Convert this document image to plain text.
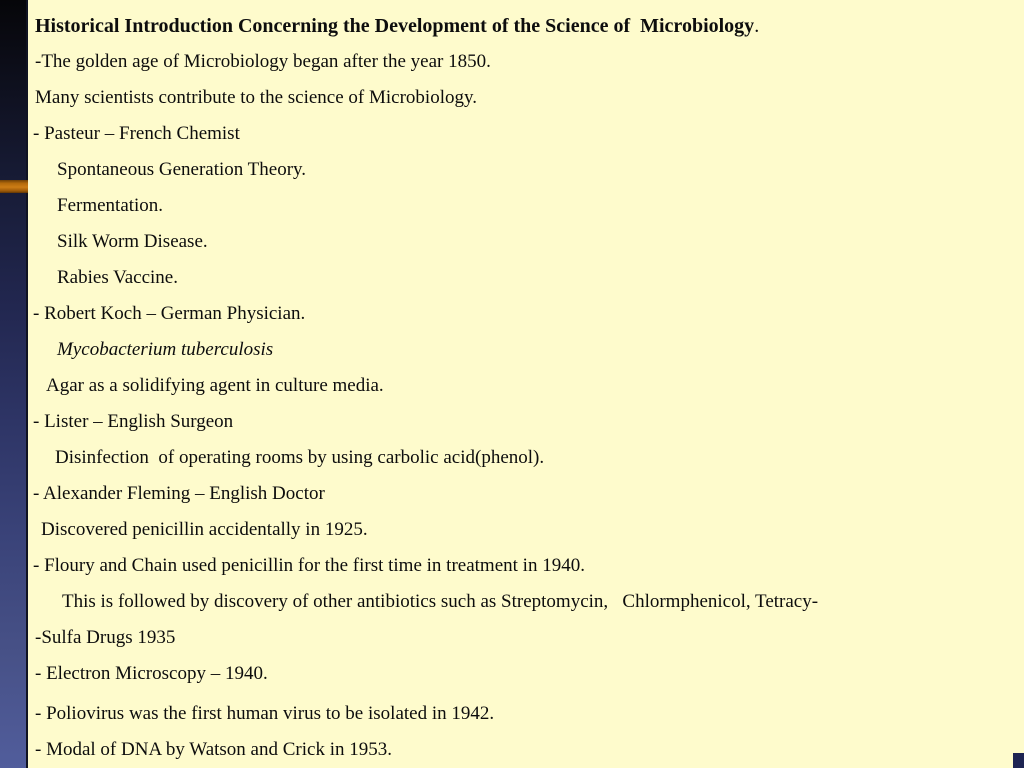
Historical Introduction Concerning the Development of the Science of  Microbiology.
-The golden age of Microbiology began after the year 1850.
Many scientists contribute to the science of Microbiology.
- Pasteur – French Chemist
Spontaneous Generation Theory.
Fermentation.
Silk Worm Disease.
Rabies Vaccine.
- Robert Koch – German Physician.
Mycobacterium tuberculosis
Agar as a solidifying agent in culture media.
- Lister – English Surgeon
Disinfection  of operating rooms by using carbolic acid(phenol).
- Alexander Fleming – English Doctor
Discovered penicillin accidentally in 1925.
- Floury and Chain used penicillin for the first time in treatment in 1940.
This is followed by discovery of other antibiotics such as Streptomycin,   Chlormphenicol, Tetracy-
-Sulfa Drugs 1935
- Electron Microscopy – 1940.
- Poliovirus was the first human virus to be isolated in 1942.
- Modal of DNA by Watson and Crick in 1953.
